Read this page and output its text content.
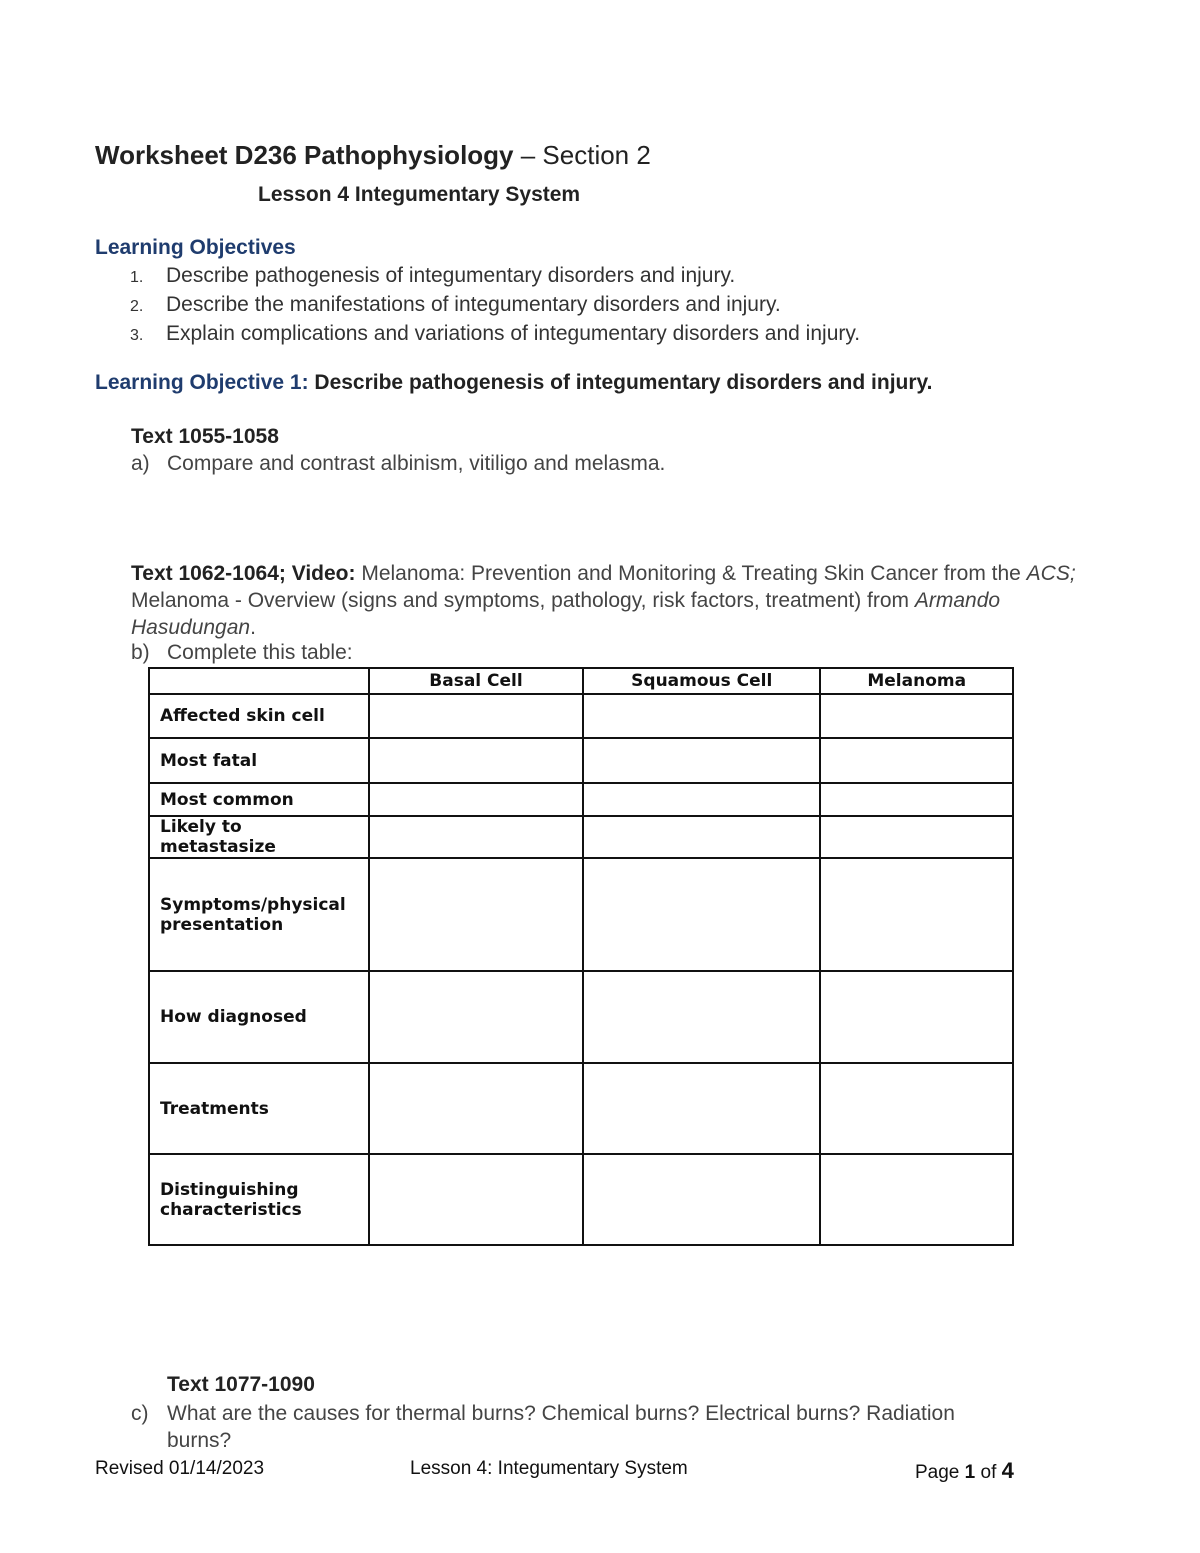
Worksheet D236 Pathophysiology – Section 2
Lesson 4 Integumentary System
Learning Objectives
1. Describe pathogenesis of integumentary disorders and injury.
2. Describe the manifestations of integumentary disorders and injury.
3. Explain complications and variations of integumentary disorders and injury.
Learning Objective 1: Describe pathogenesis of integumentary disorders and injury.
Text 1055-1058
a) Compare and contrast albinism, vitiligo and melasma.
Text 1062-1064; Video: Melanoma: Prevention and Monitoring & Treating Skin Cancer from the ACS; Melanoma - Overview (signs and symptoms, pathology, risk factors, treatment) from Armando Hasudungan.
b) Complete this table:
	Basal Cell	Squamous Cell	Melanoma
Affected skin cell			
Most fatal			
Most common			
Likely to metastasize			
Symptoms/physical presentation			
How diagnosed			
Treatments			
Distinguishing characteristics			
Text 1077-1090
c) What are the causes for thermal burns? Chemical burns? Electrical burns? Radiation
burns?
Revised 01/14/2023	Lesson 4: Integumentary System	Page 1 of 4
